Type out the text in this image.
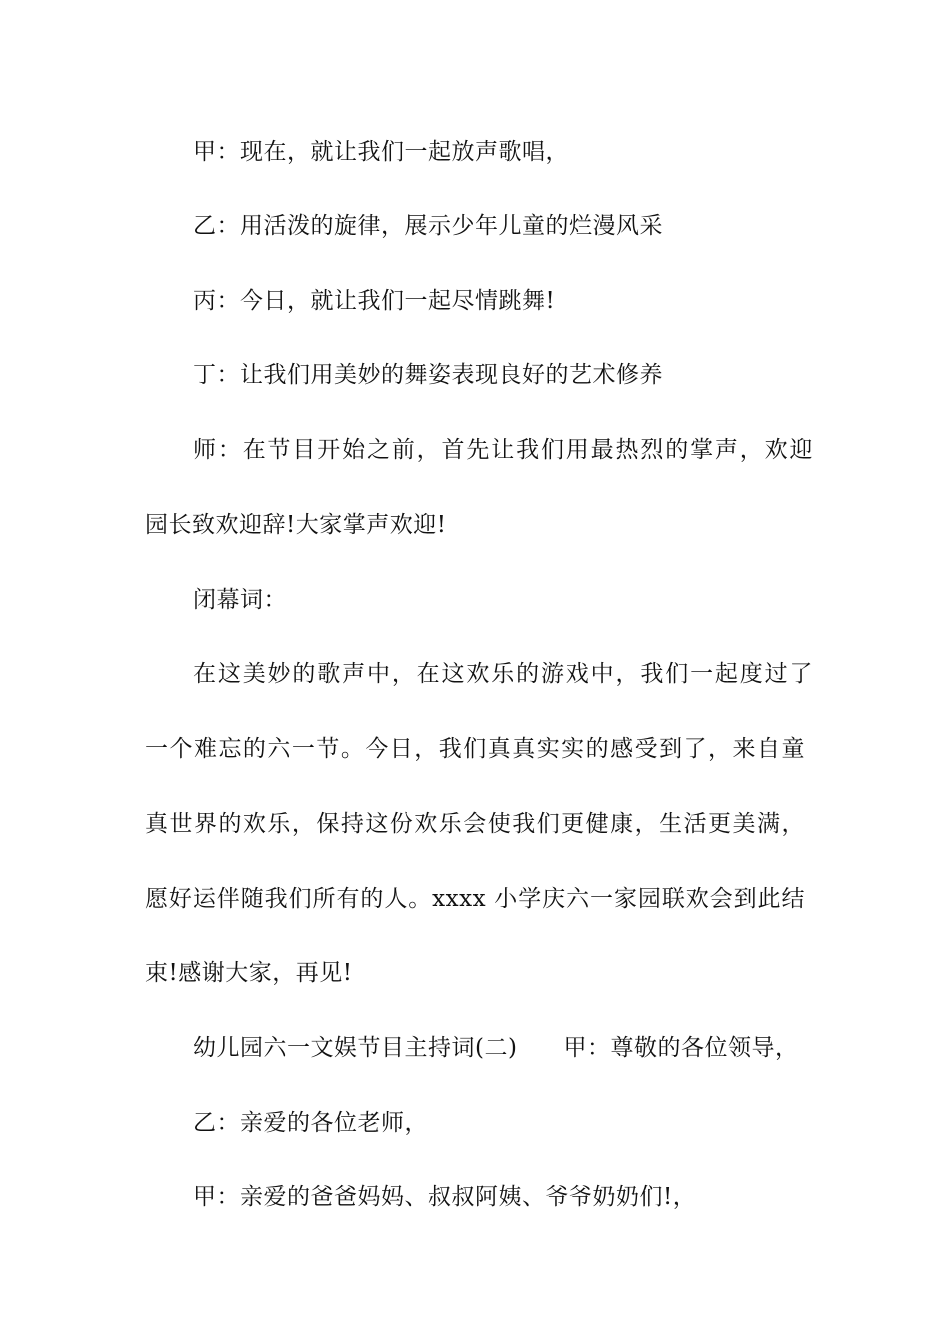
甲：现在，就让我们一起放声歌唱，
乙：用活泼的旋律，展示少年儿童的烂漫风采
丙：今日，就让我们一起尽情跳舞!
丁：让我们用美妙的舞姿表现良好的艺术修养
师：在节目开始之前，首先让我们用最热烈的掌声，欢迎
园长致欢迎辞!大家掌声欢迎!
闭幕词：
在这美妙的歌声中，在这欢乐的游戏中，我们一起度过了
一个难忘的六一节。今日，我们真真实实的感受到了，来自童
真世界的欢乐，保持这份欢乐会使我们更健康，生活更美满，
愿好运伴随我们所有的人。xxxx 小学庆六一家园联欢会到此结
束!感谢大家，再见!
幼儿园六一文娱节目主持词(二) 甲：尊敬的各位领导，
乙：亲爱的各位老师，
甲：亲爱的爸爸妈妈、叔叔阿姨、爷爷奶奶们!，
